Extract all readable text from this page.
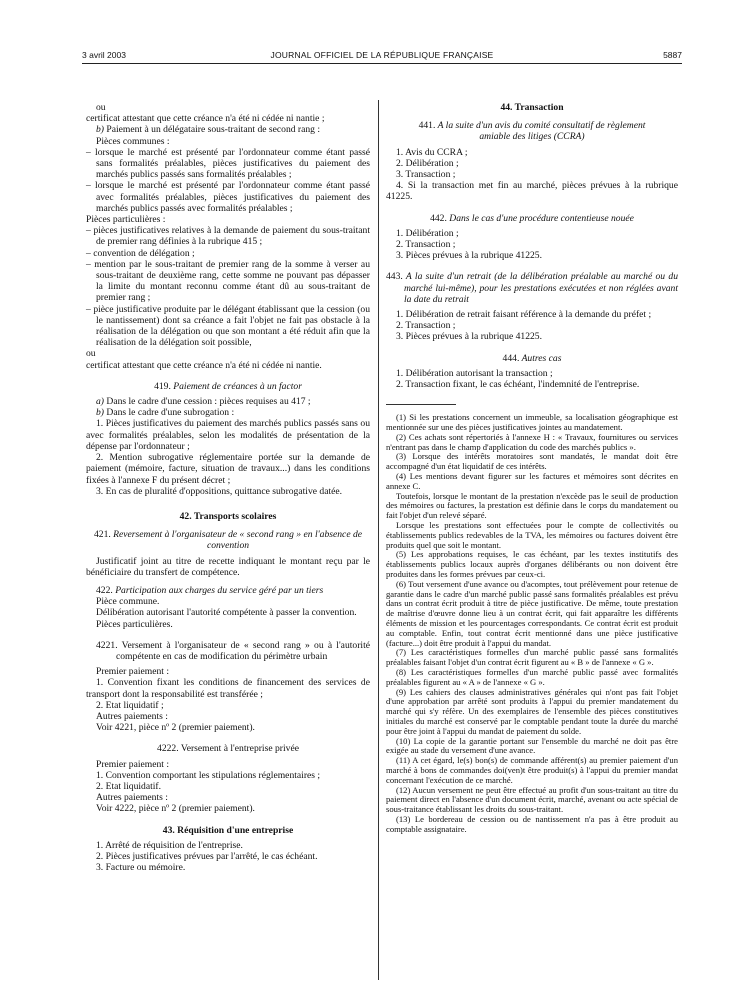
3 avril 2003	JOURNAL OFFICIEL DE LA RÉPUBLIQUE FRANÇAISE	5887

ou

certificat attestant que cette créance n'a été ni cédée ni nantie ;

b) Paiement à un délégataire sous-traitant de second rang :

Pièces communes :

– lorsque le marché est présenté par l'ordonnateur comme étant passé sans formalités préalables, pièces justificatives du paiement des marchés publics passés sans formalités préalables ;

– lorsque le marché est présenté par l'ordonnateur comme étant passé avec formalités préalables, pièces justificatives du paiement des marchés publics passés avec formalités préalables ;

Pièces particulières :

– pièces justificatives relatives à la demande de paiement du sous-traitant de premier rang définies à la rubrique 415 ;

– convention de délégation ;

– mention par le sous-traitant de premier rang de la somme à verser au sous-traitant de deuxième rang, cette somme ne pouvant pas dépasser la limite du montant reconnu comme étant dû au sous-traitant de premier rang ;

– pièce justificative produite par le délégant établissant que la cession (ou le nantissement) dont sa créance a fait l'objet ne fait pas obstacle à la réalisation de la délégation ou que son montant a été réduit afin que la réalisation de la délégation soit possible,

ou

certificat attestant que cette créance n'a été ni cédée ni nantie.

419. Paiement de créances à un factor

a) Dans le cadre d'une cession : pièces requises au 417 ;

b) Dans le cadre d'une subrogation :

1. Pièces justificatives du paiement des marchés publics passés sans ou avec formalités préalables, selon les modalités de présentation de la dépense par l'ordonnateur ;

2. Mention subrogative réglementaire portée sur la demande de paiement (mémoire, facture, situation de travaux...) dans les conditions fixées à l'annexe F du présent décret ;

3. En cas de pluralité d'oppositions, quittance subrogative datée.

42. Transports scolaires

421. Reversement à l'organisateur de « second rang » en l'absence de convention

Justificatif joint au titre de recette indiquant le montant reçu par le bénéficiaire du transfert de compétence.

422. Participation aux charges du service géré par un tiers

Pièce commune.

Délibération autorisant l'autorité compétente à passer la convention.

Pièces particulières.

4221. Versement à l'organisateur de « second rang » ou à l'autorité compétente en cas de modification du périmètre urbain

Premier paiement :

1. Convention fixant les conditions de financement des services de transport dont la responsabilité est transférée ;

2. Etat liquidatif ;

Autres paiements :

Voir 4221, pièce nº 2 (premier paiement).

4222. Versement à l'entreprise privée

Premier paiement :

1. Convention comportant les stipulations réglementaires ;

2. Etat liquidatif.

Autres paiements :

Voir 4222, pièce nº 2 (premier paiement).

43. Réquisition d'une entreprise

1. Arrêté de réquisition de l'entreprise.

2. Pièces justificatives prévues par l'arrêté, le cas échéant.

3. Facture ou mémoire.

44. Transaction

441. A la suite d'un avis du comité consultatif de règlement amiable des litiges (CCRA)

1. Avis du CCRA ;

2. Délibération ;

3. Transaction ;

4. Si la transaction met fin au marché, pièces prévues à la rubrique 41225.

442. Dans le cas d'une procédure contentieuse nouée

1. Délibération ;

2. Transaction ;

3. Pièces prévues à la rubrique 41225.

443. A la suite d'un retrait (de la délibération préalable au marché ou du marché lui-même), pour les prestations exécutées et non réglées avant la date du retrait

1. Délibération de retrait faisant référence à la demande du préfet ;

2. Transaction ;

3. Pièces prévues à la rubrique 41225.

444. Autres cas

1. Délibération autorisant la transaction ;

2. Transaction fixant, le cas échéant, l'indemnité de l'entreprise.

(1) Si les prestations concernent un immeuble, sa localisation géographique est mentionnée sur une des pièces justificatives jointes au mandatement.

(2) Ces achats sont répertoriés à l'annexe H : « Travaux, fournitures ou services n'entrant pas dans le champ d'application du code des marchés publics ».

(3) Lorsque des intérêts moratoires sont mandatés, le mandat doit être accompagné d'un état liquidatif de ces intérêts.

(4) Les mentions devant figurer sur les factures et mémoires sont décrites en annexe C.

Toutefois, lorsque le montant de la prestation n'excède pas le seuil de production des mémoires ou factures, la prestation est définie dans le corps du mandatement ou fait l'objet d'un relevé séparé.

Lorsque les prestations sont effectuées pour le compte de collectivités ou établissements publics redevables de la TVA, les mémoires ou factures doivent être produits quel que soit le montant.

(5) Les approbations requises, le cas échéant, par les textes institutifs des établissements publics locaux auprès d'organes délibérants ou non doivent être produites dans les formes prévues par ceux-ci.

(6) Tout versement d'une avance ou d'acomptes, tout prélèvement pour retenue de garantie dans le cadre d'un marché public passé sans formalités préalables est prévu dans un contrat écrit produit à titre de pièce justificative. De même, toute prestation de maîtrise d'œuvre donne lieu à un contrat écrit, qui fait apparaître les différents éléments de mission et les pourcentages correspondants. Ce contrat écrit est produit au comptable. Enfin, tout contrat écrit mentionné dans une pièce justificative (facture...) doit être produit à l'appui du mandat.

(7) Les caractéristiques formelles d'un marché public passé sans formalités préalables faisant l'objet d'un contrat écrit figurent au « B » de l'annexe « G ».

(8) Les caractéristiques formelles d'un marché public passé avec formalités préalables figurent au « A » de l'annexe « G ».

(9) Les cahiers des clauses administratives générales qui n'ont pas fait l'objet d'une approbation par arrêté sont produits à l'appui du premier mandatement du marché qui s'y réfère. Un des exemplaires de l'ensemble des pièces constitutives initiales du marché est conservé par le comptable pendant toute la durée du marché pour être joint à l'appui du mandat de paiement du solde.

(10) La copie de la garantie portant sur l'ensemble du marché ne doit pas être exigée au stade du versement d'une avance.

(11) A cet égard, le(s) bon(s) de commande afférent(s) au premier paiement d'un marché à bons de commandes doi(ven)t être produit(s) à l'appui du premier mandat concernant l'exécution de ce marché.

(12) Aucun versement ne peut être effectué au profit d'un sous-traitant au titre du paiement direct en l'absence d'un document écrit, marché, avenant ou acte spécial de sous-traitance établissant les droits du sous-traitant.

(13) Le bordereau de cession ou de nantissement n'a pas à être produit au comptable assignataire.
